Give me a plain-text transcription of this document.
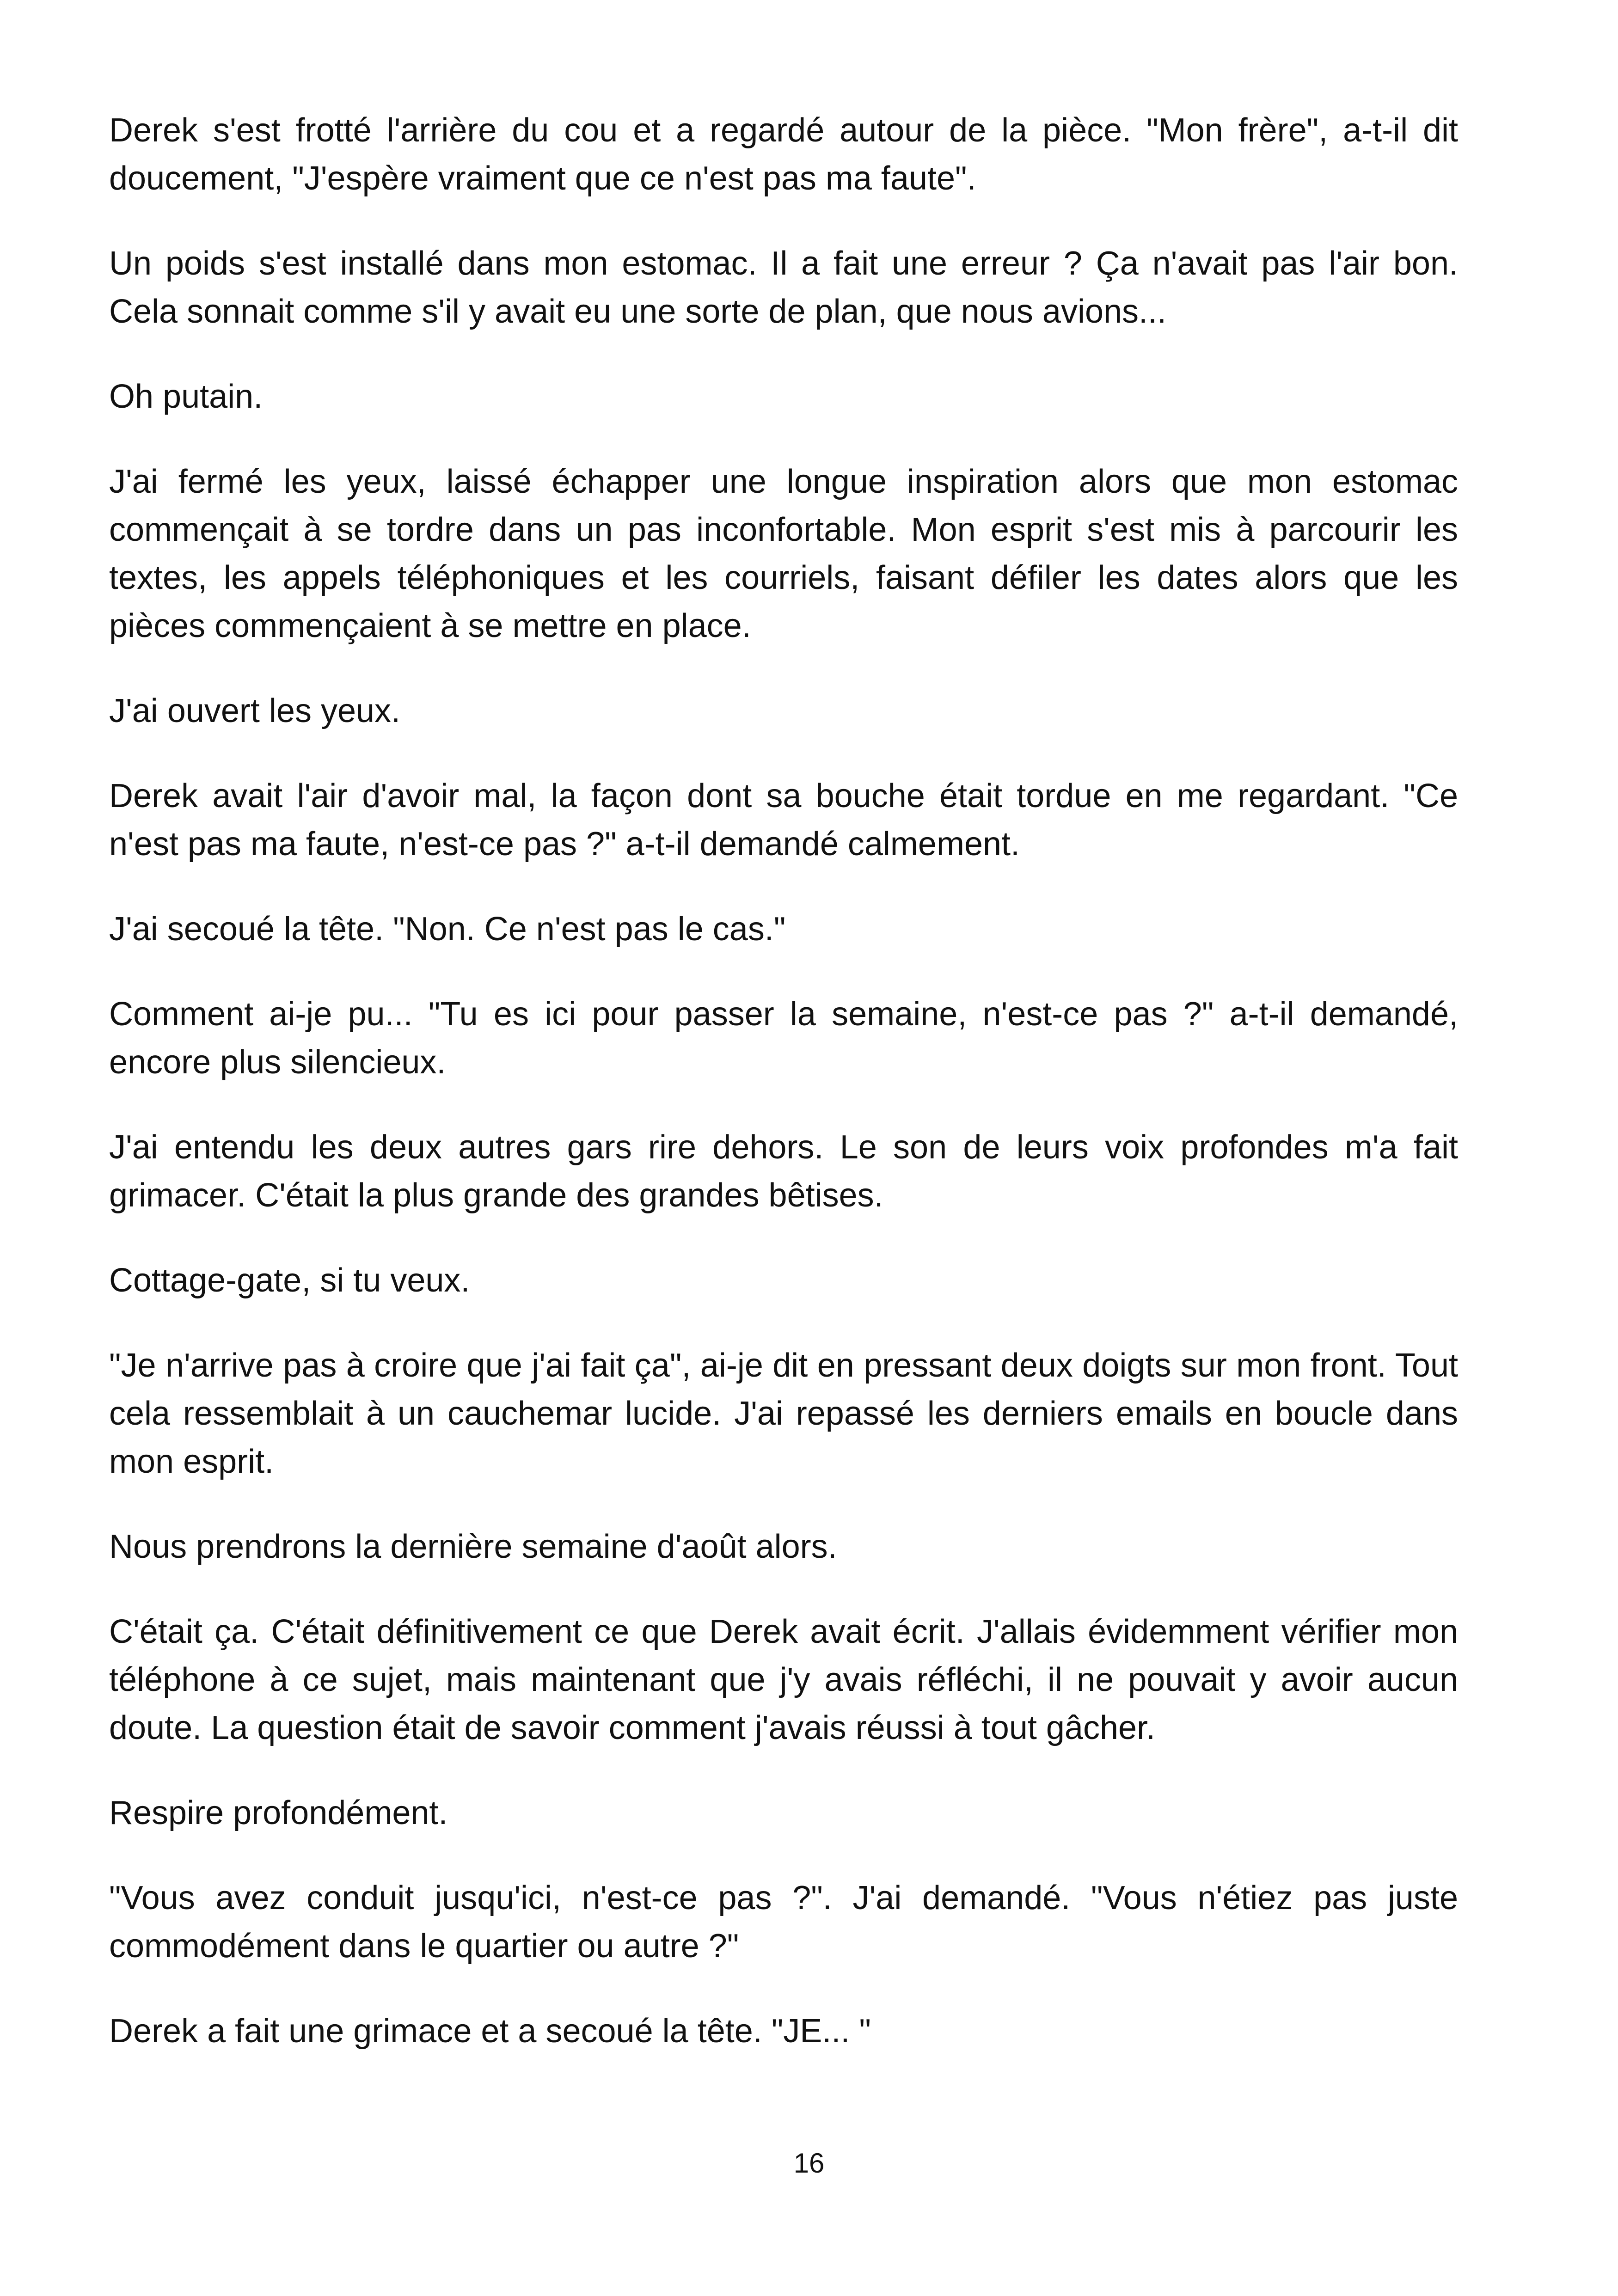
Derek s'est frotté l'arrière du cou et a regardé autour de la pièce. "Mon frère", a-t-il dit doucement, "J'espère vraiment que ce n'est pas ma faute".

Un poids s'est installé dans mon estomac. Il a fait une erreur ? Ça n'avait pas l'air bon. Cela sonnait comme s'il y avait eu une sorte de plan, que nous avions...

Oh putain.

J'ai fermé les yeux, laissé échapper une longue inspiration alors que mon estomac commençait à se tordre dans un pas inconfortable. Mon esprit s'est mis à parcourir les textes, les appels téléphoniques et les courriels, faisant défiler les dates alors que les pièces commençaient à se mettre en place.

J'ai ouvert les yeux.

Derek avait l'air d'avoir mal, la façon dont sa bouche était tordue en me regardant. "Ce n'est pas ma faute, n'est-ce pas ?" a-t-il demandé calmement.

J'ai secoué la tête. "Non. Ce n'est pas le cas."

Comment ai-je pu... "Tu es ici pour passer la semaine, n'est-ce pas ?" a-t-il demandé, encore plus silencieux.

J'ai entendu les deux autres gars rire dehors. Le son de leurs voix profondes m'a fait grimacer. C'était la plus grande des grandes bêtises.

Cottage-gate, si tu veux.

"Je n'arrive pas à croire que j'ai fait ça", ai-je dit en pressant deux doigts sur mon front. Tout cela ressemblait à un cauchemar lucide. J'ai repassé les derniers emails en boucle dans mon esprit.

Nous prendrons la dernière semaine d'août alors.

C'était ça. C'était définitivement ce que Derek avait écrit. J'allais évidemment vérifier mon téléphone à ce sujet, mais maintenant que j'y avais réfléchi, il ne pouvait y avoir aucun doute. La question était de savoir comment j'avais réussi à tout gâcher.

Respire profondément.

"Vous avez conduit jusqu'ici, n'est-ce pas ?". J'ai demandé. "Vous n'étiez pas juste commodément dans le quartier ou autre ?"

Derek a fait une grimace et a secoué la tête. "JE... "

16
